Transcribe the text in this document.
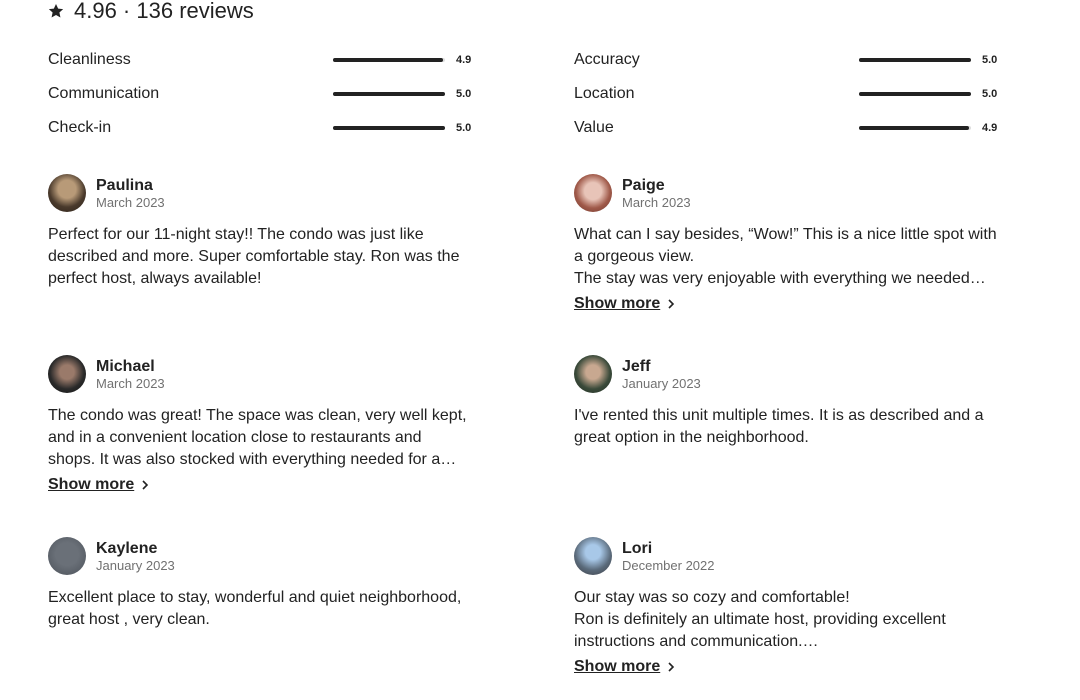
4.96 · 136 reviews
Cleanliness	4.9
Communication	5.0
Check-in	5.0
Accuracy	5.0
Location	5.0
Value	4.9
Paulina
March 2023

Perfect for our 11-night stay!! The condo was just like described and more. Super comfortable stay. Ron was the perfect host, always available!

Paige
March 2023

What can I say besides, “Wow!” This is a nice little spot with a gorgeous view.

The stay was very enjoyable with everything we needed

Show more
Michael
March 2023

The condo was great! The space was clean, very well kept, and in a convenient location close to restaurants and shops. It was also stocked with everything needed for a

Show more
Jeff
January 2023

I've rented this unit multiple times. It is as described and a great option in the neighborhood.

Kaylene
January 2023

Excellent place to stay, wonderful and quiet neighborhood, great host , very clean.

Lori
December 2022

Our stay was so cozy and comfortable!

Ron is definitely an ultimate host, providing excellent instructions and communication.…

Show more
